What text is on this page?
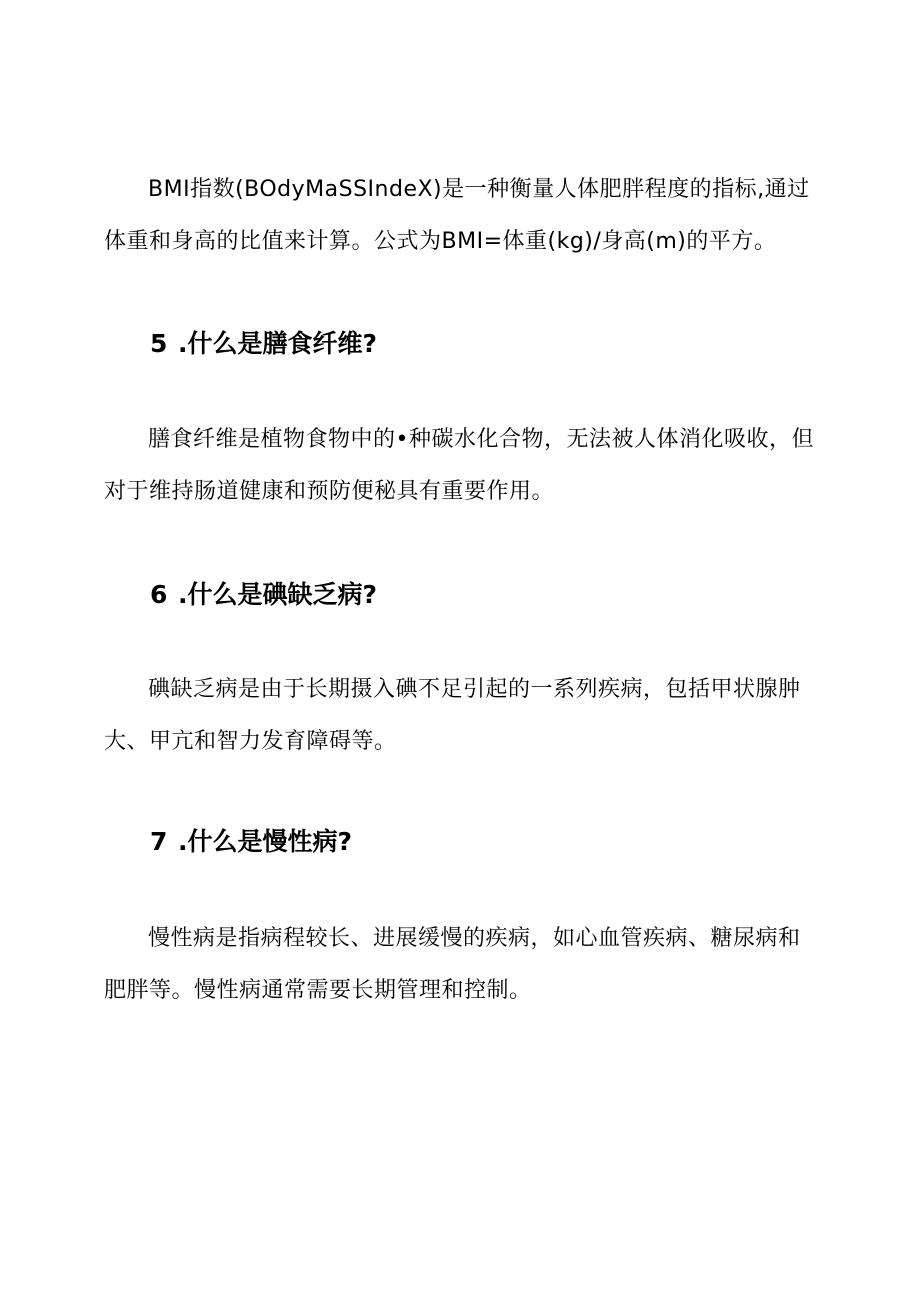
BMI指数(BOdyMaSSIndeX)是一种衡量人体肥胖程度的指标,通过体重和身高的比值来计算。公式为BMI=体重(kg)/身高(m)的平方。

5 .什么是膳食纤维?

膳食纤维是植物食物中的•种碳水化合物，无法被人体消化吸收，但对于维持肠道健康和预防便秘具有重要作用。

6 .什么是碘缺乏病?

碘缺乏病是由于长期摄入碘不足引起的一系列疾病，包括甲状腺肿大、甲亢和智力发育障碍等。

7 .什么是慢性病?

慢性病是指病程较长、进展缓慢的疾病，如心血管疾病、糖尿病和肥胖等。慢性病通常需要长期管理和控制。
